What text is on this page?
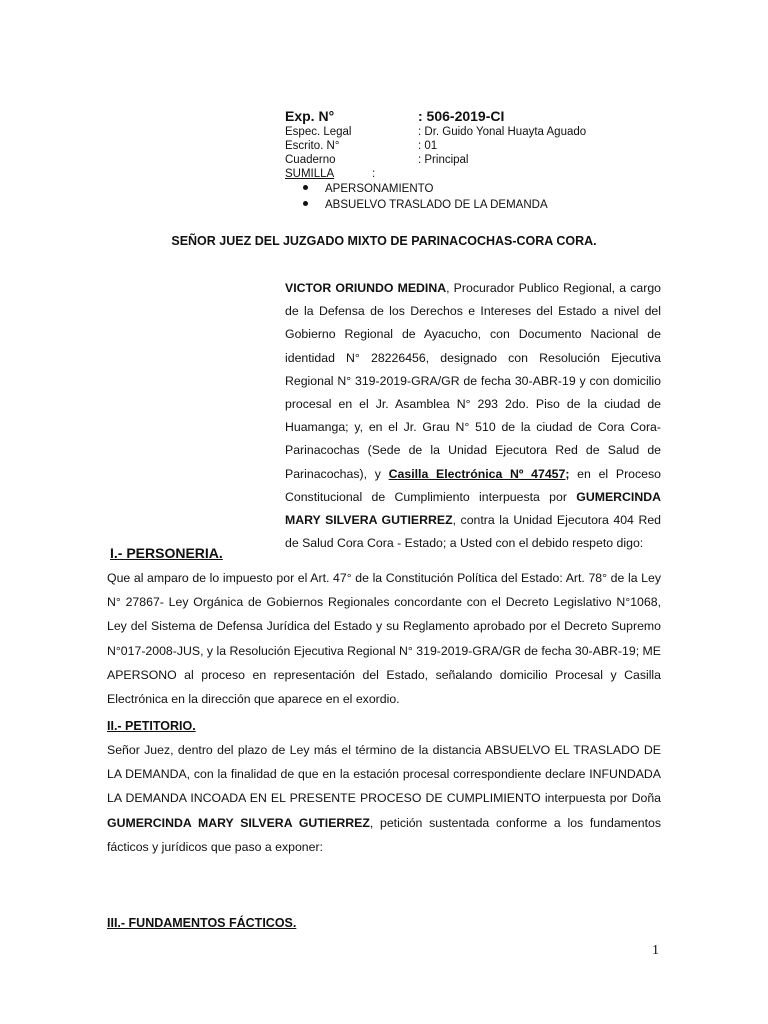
Exp. N°	: 506-2019-CI
Espec. Legal	: Dr. Guido Yonal Huayta Aguado
Escrito. N°	: 01
Cuaderno	: Principal
SUMILLA	:
APERSONAMIENTO
ABSUELVO TRASLADO DE LA DEMANDA
SEÑOR JUEZ DEL JUZGADO MIXTO DE PARINACOCHAS-CORA CORA.
VICTOR ORIUNDO MEDINA, Procurador Publico Regional, a cargo de la Defensa de los Derechos e Intereses del Estado a nivel del Gobierno Regional de Ayacucho, con Documento Nacional de identidad N° 28226456, designado con Resolución Ejecutiva Regional N° 319-2019-GRA/GR de fecha 30-ABR-19 y con domicilio procesal en el Jr. Asamblea N° 293 2do. Piso de la ciudad de Huamanga; y, en el Jr. Grau N° 510 de la ciudad de Cora Cora-Parinacochas (Sede de la Unidad Ejecutora Red de Salud de Parinacochas), y Casilla Electrónica Nº 47457; en el Proceso Constitucional de Cumplimiento interpuesta por GUMERCINDA MARY SILVERA GUTIERREZ, contra la Unidad Ejecutora 404 Red de Salud Cora Cora - Estado; a Usted con el debido respeto digo:
I.- PERSONERIA.
Que al amparo de lo impuesto por el Art. 47° de la Constitución Política del Estado: Art. 78° de la Ley N° 27867- Ley Orgánica de Gobiernos Regionales concordante con el Decreto Legislativo N°1068, Ley del Sistema de Defensa Jurídica del Estado y su Reglamento aprobado por el Decreto Supremo N°017-2008-JUS, y la Resolución Ejecutiva Regional N° 319-2019-GRA/GR de fecha 30-ABR-19; ME APERSONO al proceso en representación del Estado, señalando domicilio Procesal y Casilla Electrónica en la dirección que aparece en el exordio.
II.- PETITORIO.
Señor Juez, dentro del plazo de Ley más el término de la distancia ABSUELVO EL TRASLADO DE LA DEMANDA, con la finalidad de que en la estación procesal correspondiente declare INFUNDADA LA DEMANDA INCOADA EN EL PRESENTE PROCESO DE CUMPLIMIENTO interpuesta por Doña GUMERCINDA MARY SILVERA GUTIERREZ, petición sustentada conforme a los fundamentos fácticos y jurídicos que paso a exponer:
III.- FUNDAMENTOS FÁCTICOS.
1
